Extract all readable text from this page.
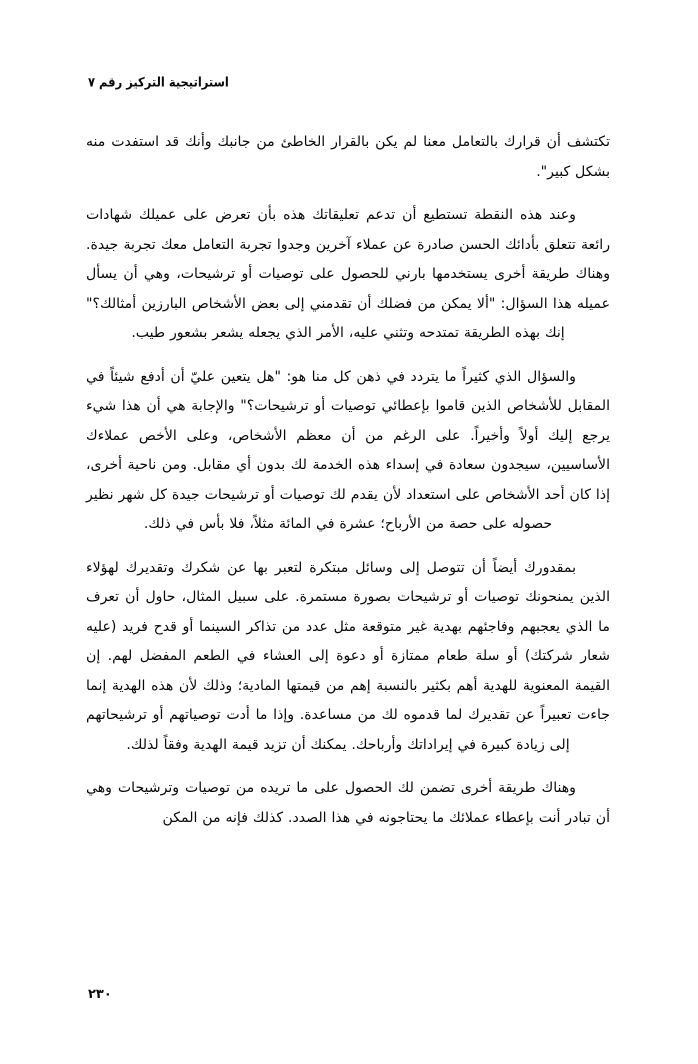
استراتيجية التركيز رقم ٧

تكتشف أن قرارك بالتعامل معنا لم يكن بالقرار الخاطئ من جانبك وأنك قد استفدت منه بشكل كبير".

وعند هذه النقطة تستطيع أن تدعم تعليقاتك هذه بأن تعرض على عميلك شهادات رائعة تتعلق بأدائك الحسن صادرة عن عملاء آخرين وجدوا تجربة التعامل معك تجربة جيدة. وهناك طريقة أخرى يستخدمها بارني للحصول على توصيات أو ترشيحات، وهي أن يسأل عميله هذا السؤال: "ألا يمكن من فضلك أن تقدمني إلى بعض الأشخاص البارزين أمثالك؟" إنك بهذه الطريقة تمتدحه وتثني عليه، الأمر الذي يجعله يشعر بشعور طيب.

والسؤال الذي كثيراً ما يتردد في ذهن كل منا هو: "هل يتعين عليّ أن أدفع شيئاً في المقابل للأشخاص الذين قاموا بإعطائي توصيات أو ترشيحات؟" والإجابة هي أن هذا شيء يرجع إليك أولاً وأخيراً. على الرغم من أن معظم الأشخاص، وعلى الأخص عملاءك الأساسيين، سيجدون سعادة في إسداء هذه الخدمة لك بدون أي مقابل. ومن ناحية أخرى، إذا كان أحد الأشخاص على استعداد لأن يقدم لك توصيات أو ترشيحات جيدة كل شهر نظير حصوله على حصة من الأرباح؛ عشرة في المائة مثلاً، فلا بأس في ذلك.

بمقدورك أيضاً أن تتوصل إلى وسائل مبتكرة لتعبر بها عن شكرك وتقديرك لهؤلاء الذين يمنحونك توصيات أو ترشيحات بصورة مستمرة. على سبيل المثال، حاول أن تعرف ما الذي يعجبهم وفاجئهم بهدية غير متوقعة مثل عدد من تذاكر السينما أو قدح فريد (عليه شعار شركتك) أو سلة طعام ممتازة أو دعوة إلى العشاء في الطعم المفضل لهم. إن القيمة المعنوية للهدية أهم بكثير بالنسبة إهم من قيمتها المادية؛ وذلك لأن هذه الهدية إنما جاءت تعبيراً عن تقديرك لما قدموه لك من مساعدة. وإذا ما أدت توصياتهم أو ترشيحاتهم إلى زيادة كبيرة في إيراداتك وأرباحك. يمكنك أن تزيد قيمة الهدية وفقاً لذلك.

وهناك طريقة أخرى تضمن لك الحصول على ما تريده من توصيات وترشيحات وهي أن تبادر أنت بإعطاء عملائك ما يحتاجونه في هذا الصدد. كذلك فإنه من المكن

٢٣٠
